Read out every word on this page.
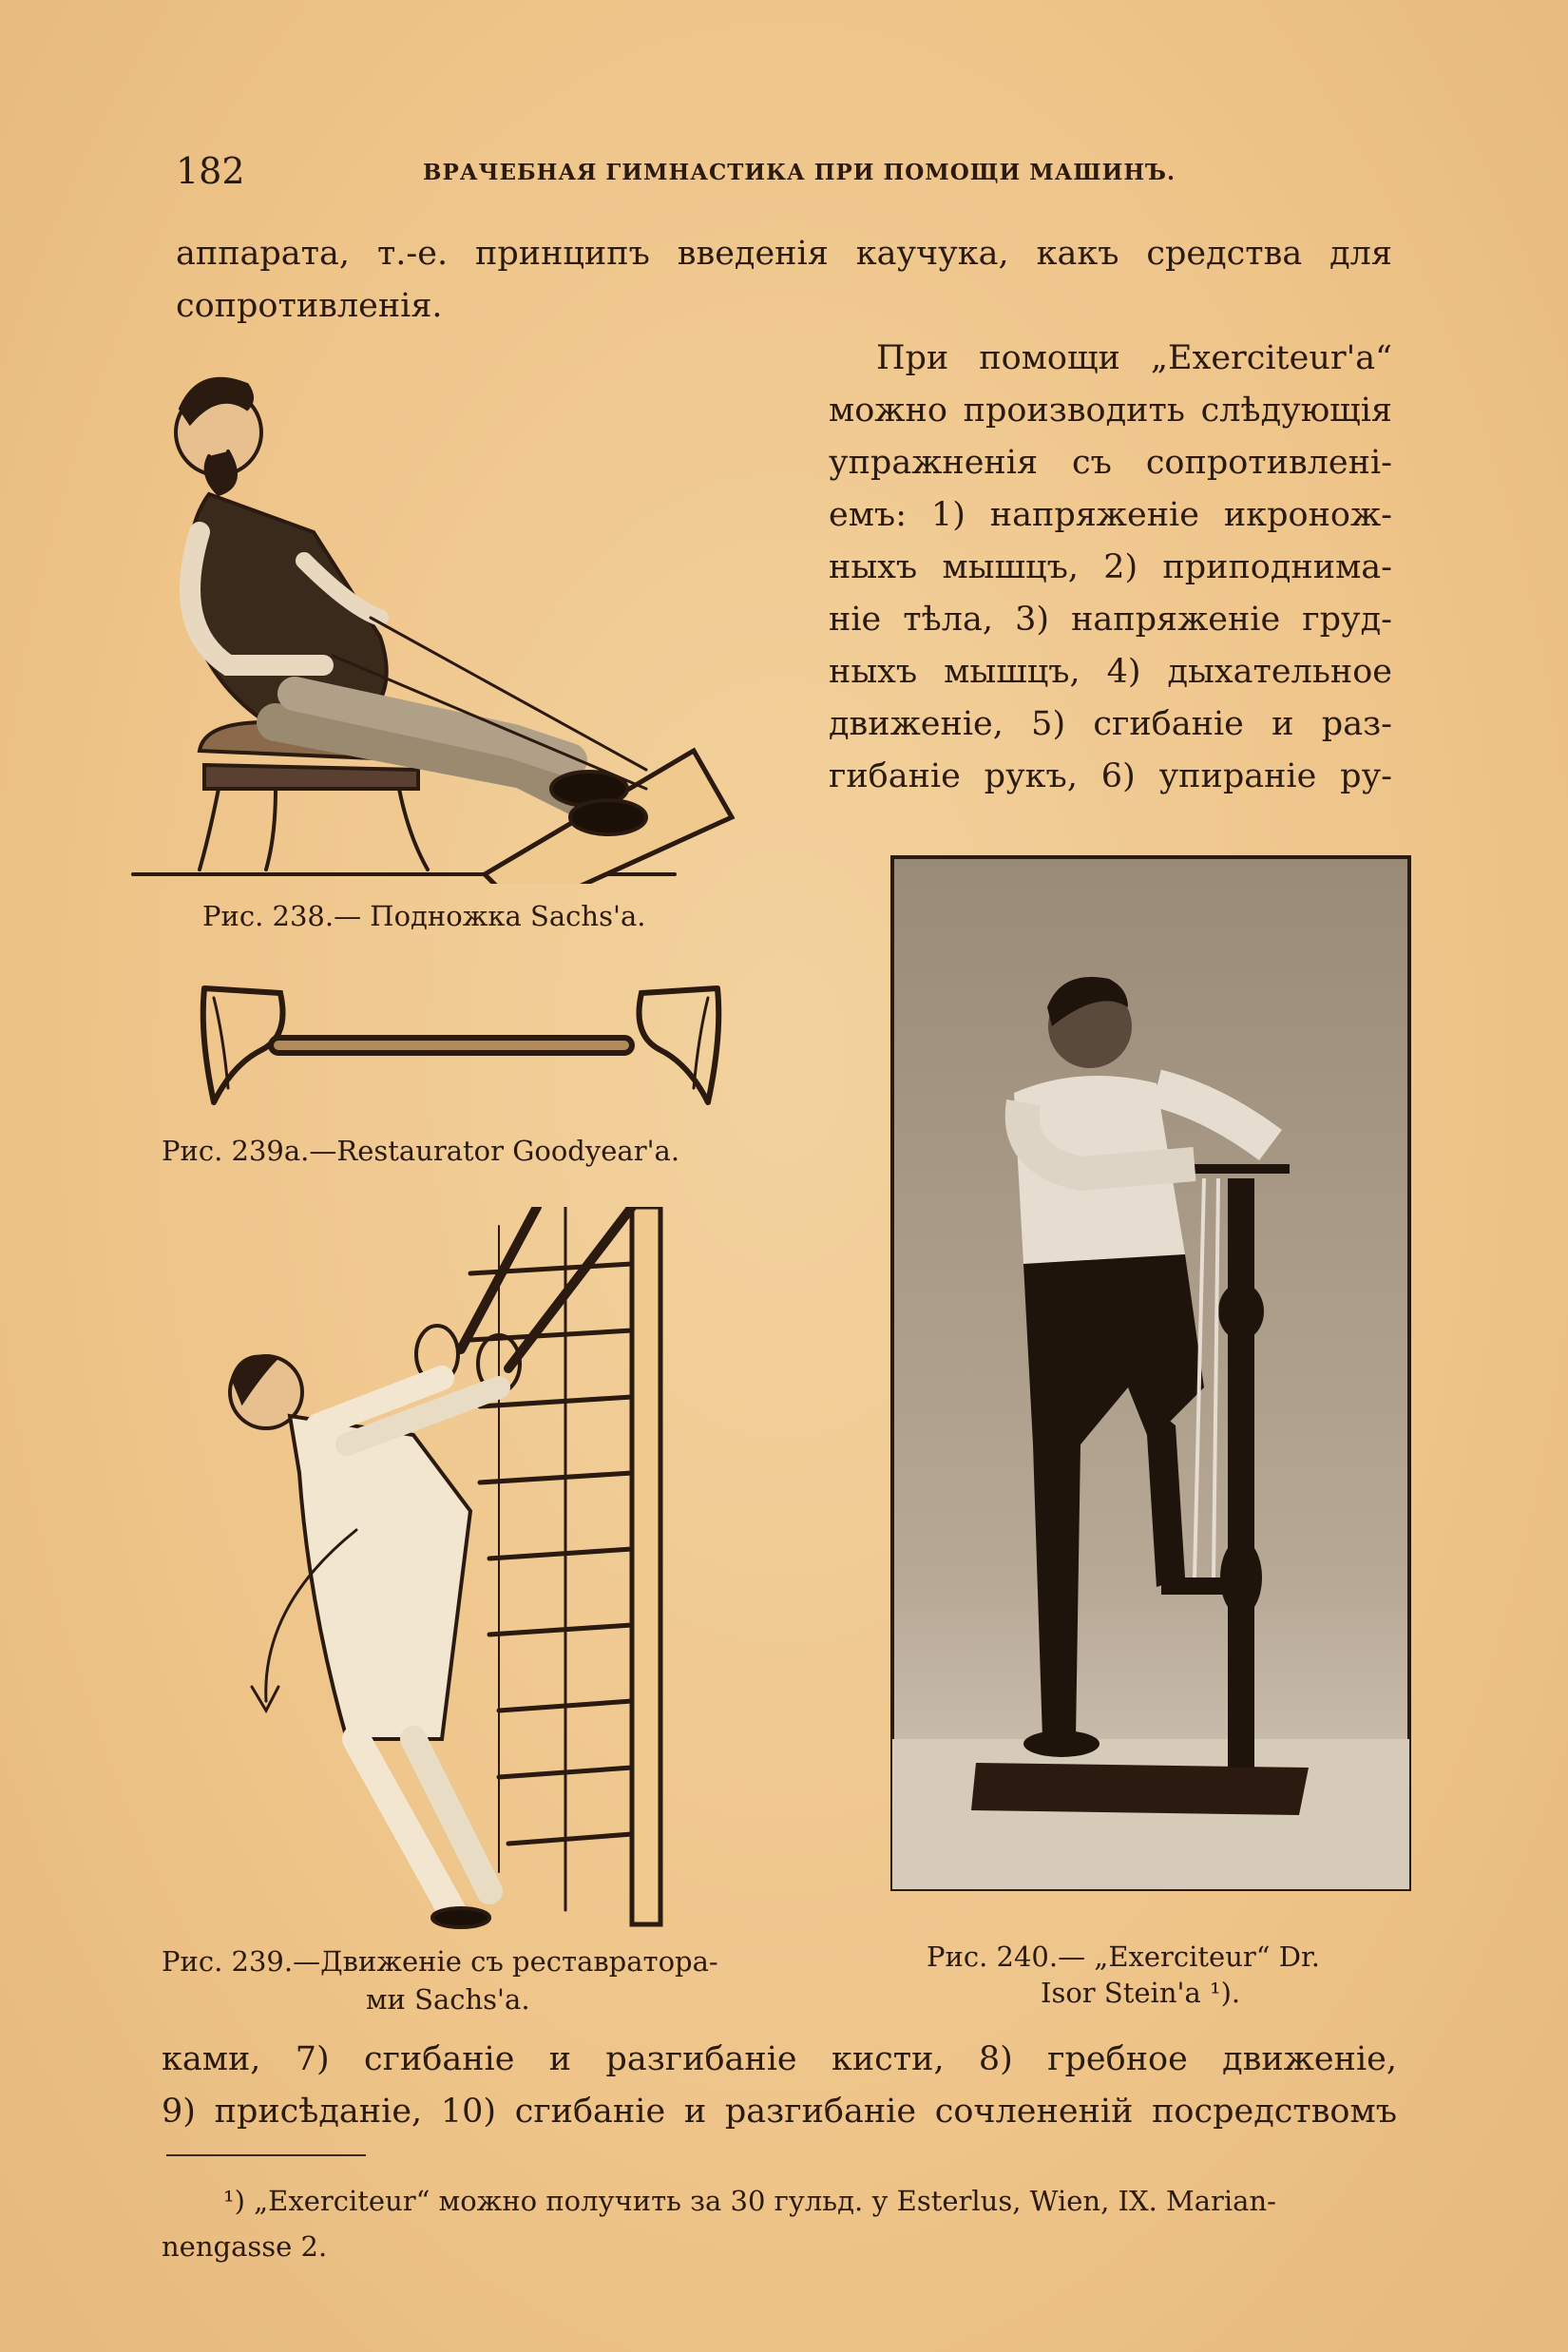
182	ВРАЧЕБНАЯ ГИМНАСТИКА ПРИ ПОМОЩИ МАШИНЪ.
аппарата, т.-е. принципъ введенія каучука, какъ средства для
сопротивленія.
При помощи „Exerciteur'a“
можно производить слѣдующія
упражненія съ сопротивлені-
емъ: 1) напряженіе икронож-
ныхъ мышцъ, 2) приподнима-
ніе тѣла, 3) напряженіе груд-
ныхъ мышцъ, 4) дыхательное
движеніе, 5) сгибаніе и раз-
гибаніе рукъ, 6) упираніе ру-
Рис. 238.— Подножка Sachs'a.
Рис. 239a.—Restaurator Goodyear'a.
Рис. 239.—Движеніе съ реставратора-
ми Sachs'a.
Рис. 240.— „Exerciteur“ Dr.
Isor Stein'a ¹).
ками, 7) сгибаніе и разгибаніе кисти, 8) гребное движеніе,
9) присѣданіе, 10) сгибаніе и разгибаніе сочлененій посредствомъ
¹) „Exerciteur“ можно получить за 30 гульд. у Esterlus, Wien, IX. Marian-
nengasse 2.
